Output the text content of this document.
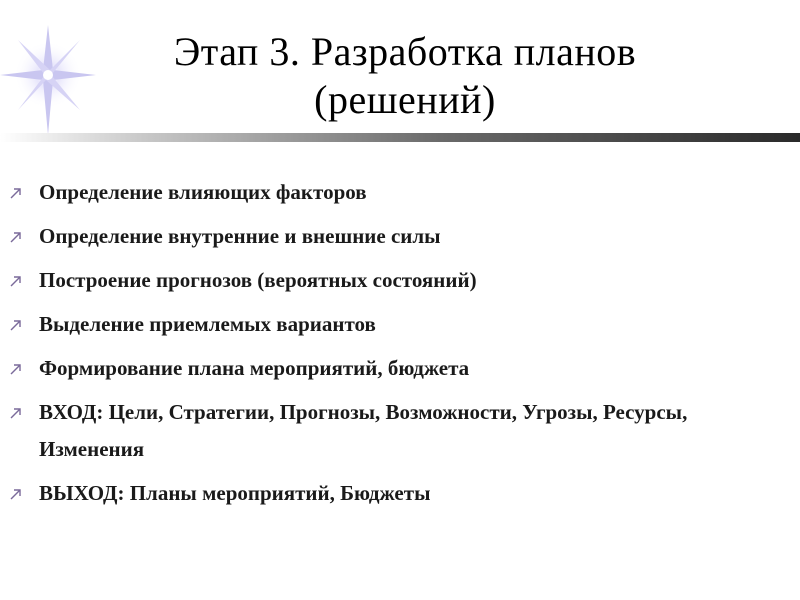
Этап 3. Разработка планов (решений)
Определение влияющих факторов
Определение внутренние и внешние силы
Построение прогнозов (вероятных состояний)
Выделение приемлемых вариантов
Формирование плана мероприятий, бюджета
ВХОД: Цели, Стратегии, Прогнозы, Возможности, Угрозы, Ресурсы, Изменения
ВЫХОД: Планы мероприятий, Бюджеты
